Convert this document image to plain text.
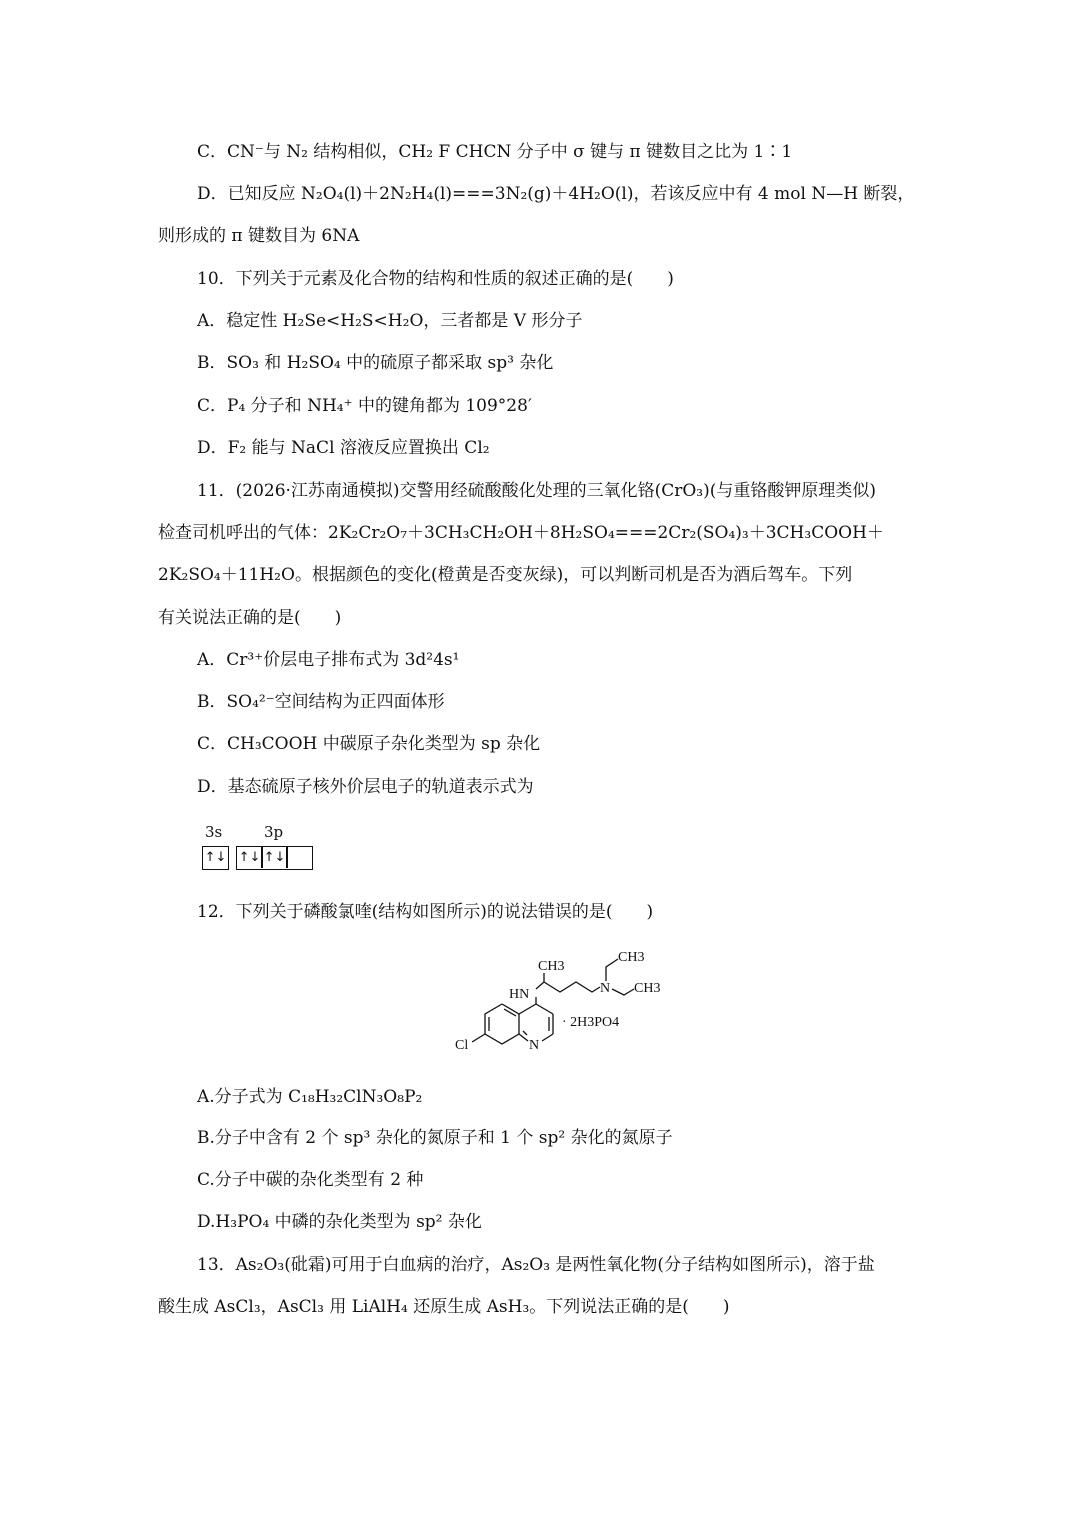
C．CN⁻与 N₂ 结构相似，CH₂ F CHCN 分子中 σ 键与 π 键数目之比为 1∶1
D．已知反应 N₂O₄(l)＋2N₂H₄(l)===3N₂(g)＋4H₂O(l)，若该反应中有 4 mol N—H 断裂，
则形成的 π 键数目为 6NA
10．下列关于元素及化合物的结构和性质的叙述正确的是(　　)
A．稳定性 H₂Se<H₂S<H₂O，三者都是 V 形分子
B．SO₃ 和 H₂SO₄ 中的硫原子都采取 sp³ 杂化
C．P₄ 分子和 NH₄⁺ 中的键角都为 109°28′
D．F₂ 能与 NaCl 溶液反应置换出 Cl₂
11．(2026·江苏南通模拟)交警用经硫酸酸化处理的三氧化铬(CrO₃)(与重铬酸钾原理类似)
检查司机呼出的气体：2K₂Cr₂O₇＋3CH₃CH₂OH＋8H₂SO₄===2Cr₂(SO₄)₃＋3CH₃COOH＋
2K₂SO₄＋11H₂O。根据颜色的变化(橙黄是否变灰绿)，可以判断司机是否为酒后驾车。下列
有关说法正确的是(　　)
A．Cr³⁺价层电子排布式为 3d²4s¹
B．SO₄²⁻空间结构为正四面体形
C．CH₃COOH 中碳原子杂化类型为 sp 杂化
D．基态硫原子核外价层电子的轨道表示式为
3s	3p
↑↓ ↑↓ ↑↓
12．下列关于磷酸氯喹(结构如图所示)的说法错误的是(　　)
CH3
CH3
CH3
HN	N
Cl	N
· 2H3PO4
A.分子式为 C₁₈H₃₂ClN₃O₈P₂
B.分子中含有 2 个 sp³ 杂化的氮原子和 1 个 sp² 杂化的氮原子
C.分子中碳的杂化类型有 2 种
D.H₃PO₄ 中磷的杂化类型为 sp² 杂化
13．As₂O₃(砒霜)可用于白血病的治疗，As₂O₃ 是两性氧化物(分子结构如图所示)，溶于盐
酸生成 AsCl₃，AsCl₃ 用 LiAlH₄ 还原生成 AsH₃。下列说法正确的是(　　)
